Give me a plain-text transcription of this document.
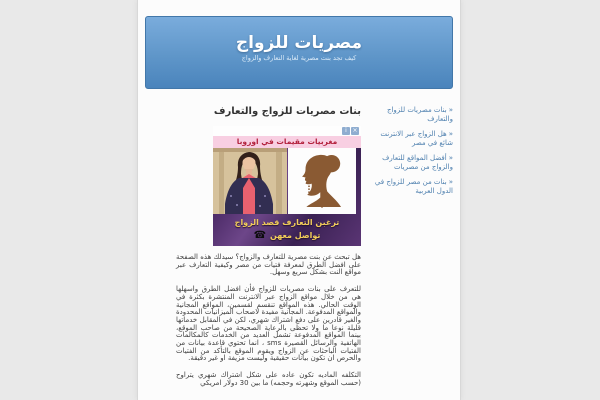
مصريات للزواج
كيف تجد بنت مصرية لغاية التعارف والزواج
«بنات مصريات للزواج والتعارف
«هل الزواج عبر الانترنت شائع في مصر
«أفضل المواقع للتعارف والزواج من مصريات
«بنات من مصر للزواج في الدول العربية
بنات مصريات للزواج والتعارف
i ×
مغربيات مقيمات في اوروبا
ترغبن التعارف قصد الزواج
تواصل معهن
☎

هل تبحث عن بنت مصرية للتعارف والزواج؟ سيدلك هذه الصفحة على افضل الطرق لمعرفة فتيات من مصر وكيفية التعارف عبر مواقع النت بشكل سريع وسهل.

للتعرف على بنات مصريات للزواج فأن افضل الطرق واسهلها هي من خلال مواقع الزواج عبر الانترنت المنتشرة بكثرة في الوقت الحالي. هذه المواقع تنقسم لقسمين، المواقع المجانية والمواقع المدفوعة. المجانية مفيدة لاصحاب الميزانيات المحدودة والغير قادرين على دفع اشتراك شهري، لكن في المقابل خدماتها قليلة نوعا ما ولا تحظى بالرعاية الصحيحة من صاحب الموقع، بينما المواقع المدفوعة تشمل العديد من الخدمات كالمكالمات الهاتفية والرسائل القصيرة sms ، انما تحتوي قاعدة بيانات من الفتيات الباحثات عن الزواج ويقوم الموقع بالتأكد من الفتيات والحرص ان تكون بيانات حقيقية وليست مزيفة او غير دقيقة.

التكلفه الماديه تكون عاده على شكل اشتراك شهري يتراوح (حسب الموقع وشهرته وحجمه) ما بين 30 دولار امريكي
